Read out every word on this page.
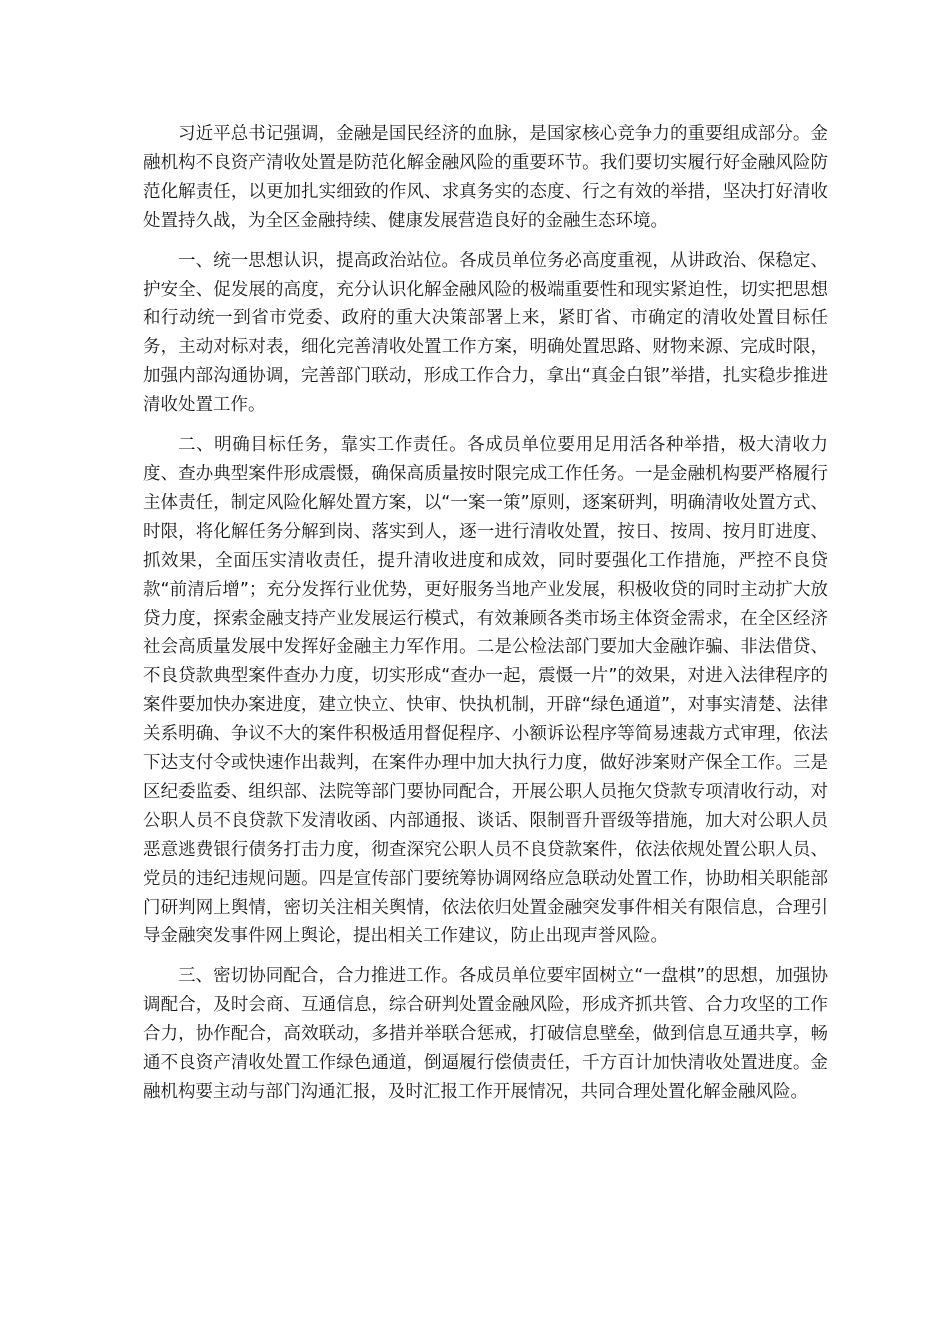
习近平总书记强调，金融是国民经济的血脉，是国家核心竞争力的重要组成部分。金融机构不良资产清收处置是防范化解金融风险的重要环节。我们要切实履行好金融风险防范化解责任，以更加扎实细致的作风、求真务实的态度、行之有效的举措，坚决打好清收处置持久战，为全区金融持续、健康发展营造良好的金融生态环境。

一、统一思想认识，提高政治站位。各成员单位务必高度重视，从讲政治、保稳定、护安全、促发展的高度，充分认识化解金融风险的极端重要性和现实紧迫性，切实把思想和行动统一到省市党委、政府的重大决策部署上来，紧盯省、市确定的清收处置目标任务，主动对标对表，细化完善清收处置工作方案，明确处置思路、财物来源、完成时限，加强内部沟通协调，完善部门联动，形成工作合力，拿出“真金白银”举措，扎实稳步推进清收处置工作。

二、明确目标任务，靠实工作责任。各成员单位要用足用活各种举措，极大清收力度、查办典型案件形成震慑，确保高质量按时限完成工作任务。一是金融机构要严格履行主体责任，制定风险化解处置方案，以“一案一策”原则，逐案研判，明确清收处置方式、时限，将化解任务分解到岗、落实到人，逐一进行清收处置，按日、按周、按月盯进度、抓效果，全面压实清收责任，提升清收进度和成效，同时要强化工作措施，严控不良贷款“前清后增”；充分发挥行业优势，更好服务当地产业发展，积极收贷的同时主动扩大放贷力度，探索金融支持产业发展运行模式，有效兼顾各类市场主体资金需求，在全区经济社会高质量发展中发挥好金融主力军作用。二是公检法部门要加大金融诈骗、非法借贷、不良贷款典型案件查办力度，切实形成“查办一起，震慑一片”的效果，对进入法律程序的案件要加快办案进度，建立快立、快审、快执机制，开辟“绿色通道”，对事实清楚、法律关系明确、争议不大的案件积极适用督促程序、小额诉讼程序等简易速裁方式审理，依法下达支付令或快速作出裁判，在案件办理中加大执行力度，做好涉案财产保全工作。三是区纪委监委、组织部、法院等部门要协同配合，开展公职人员拖欠贷款专项清收行动，对公职人员不良贷款下发清收函、内部通报、谈话、限制晋升晋级等措施，加大对公职人员恶意逃费银行债务打击力度，彻查深究公职人员不良贷款案件，依法依规处置公职人员、党员的违纪违规问题。四是宣传部门要统筹协调网络应急联动处置工作，协助相关职能部门研判网上舆情，密切关注相关舆情，依法依归处置金融突发事件相关有限信息，合理引导金融突发事件网上舆论，提出相关工作建议，防止出现声誉风险。

三、密切协同配合，合力推进工作。各成员单位要牢固树立“一盘棋”的思想，加强协调配合，及时会商、互通信息，综合研判处置金融风险，形成齐抓共管、合力攻坚的工作合力，协作配合，高效联动，多措并举联合惩戒，打破信息壁垒，做到信息互通共享，畅通不良资产清收处置工作绿色通道，倒逼履行偿债责任，千方百计加快清收处置进度。金融机构要主动与部门沟通汇报，及时汇报工作开展情况，共同合理处置化解金融风险。
